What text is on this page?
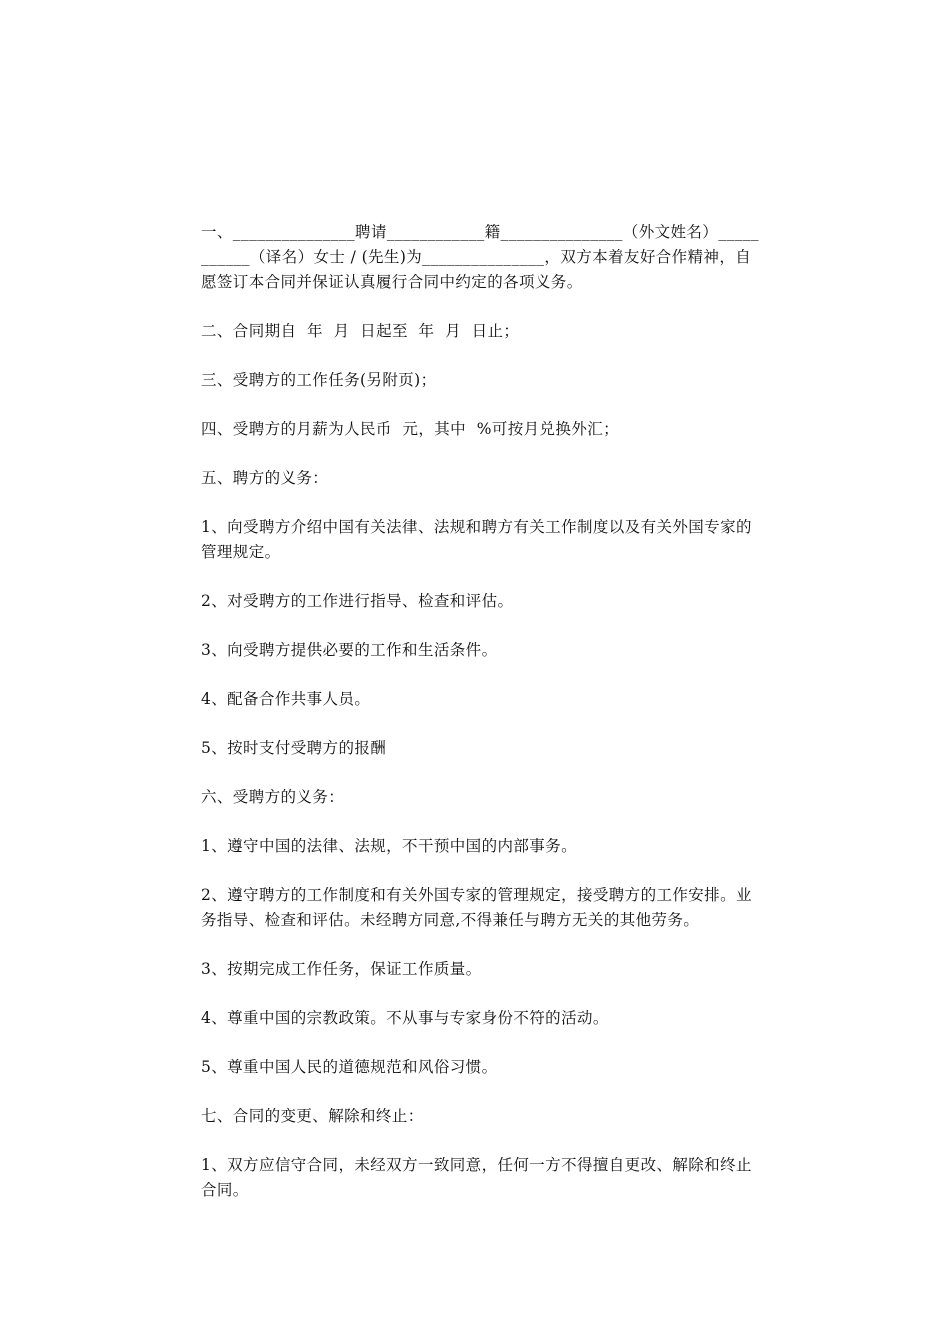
一、_______________聘请____________籍_______________（外文姓名）___________（译名）女士 / (先生)为_______________，双方本着友好合作精神，自愿签订本合同并保证认真履行合同中约定的各项义务。

二、合同期自  年  月  日起至  年  月  日止；

三、受聘方的工作任务(另附页)；

四、受聘方的月薪为人民币  元，其中  %可按月兑换外汇；

五、聘方的义务：

1、向受聘方介绍中国有关法律、法规和聘方有关工作制度以及有关外国专家的管理规定。

2、对受聘方的工作进行指导、检查和评估。

3、向受聘方提供必要的工作和生活条件。

4、配备合作共事人员。

5、按时支付受聘方的报酬

六、受聘方的义务：

1、遵守中国的法律、法规，不干预中国的内部事务。

2、遵守聘方的工作制度和有关外国专家的管理规定，接受聘方的工作安排。业务指导、检查和评估。未经聘方同意,不得兼任与聘方无关的其他劳务。

3、按期完成工作任务，保证工作质量。

4、尊重中国的宗教政策。不从事与专家身份不符的活动。

5、尊重中国人民的道德规范和风俗习惯。

七、合同的变更、解除和终止：

1、双方应信守合同，未经双方一致同意，任何一方不得擅自更改、解除和终止合同。
